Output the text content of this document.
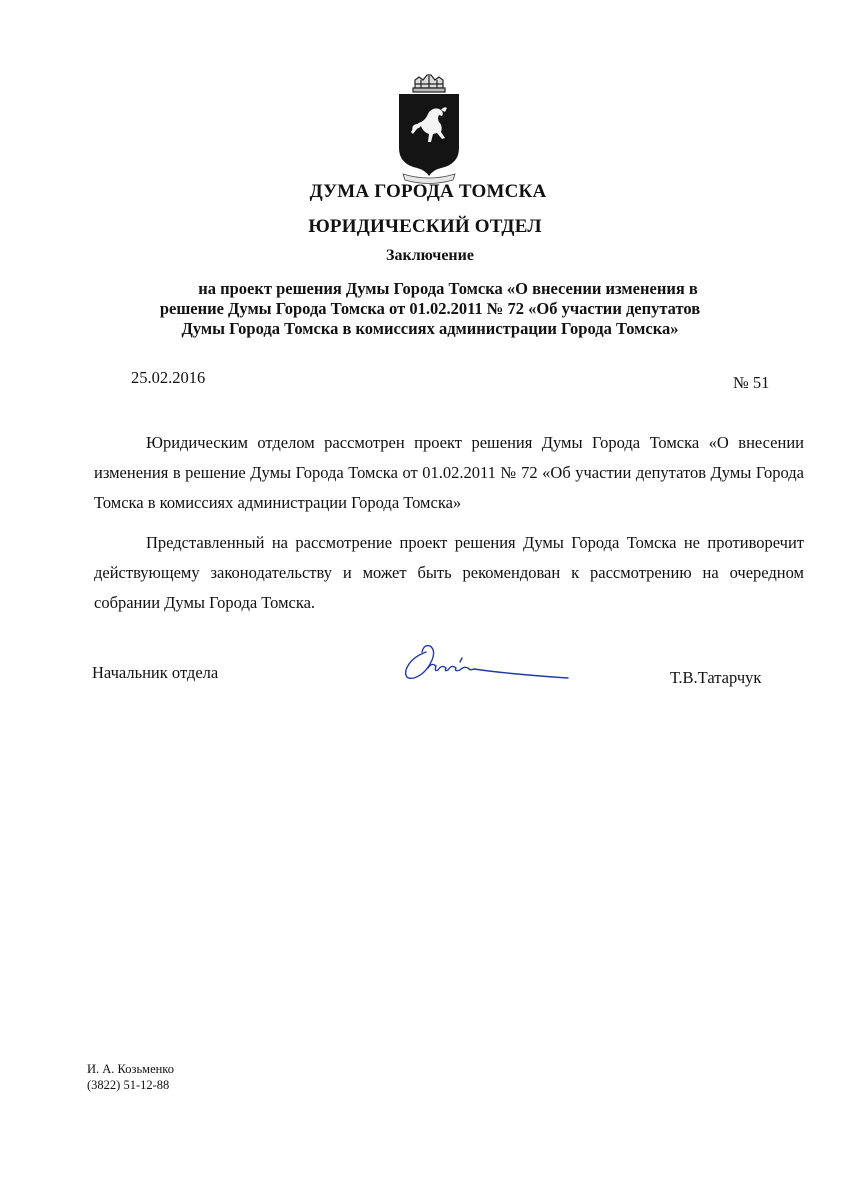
ДУМА ГОРОДА ТОМСКА
ЮРИДИЧЕСКИЙ ОТДЕЛ
Заключение
на проект решения Думы Города Томска «О внесении изменения в
решение Думы Города Томска от 01.02.2011 № 72 «Об участии депутатов
Думы Города Томска в комиссиях администрации Города Томска»
25.02.2016	№ 51

Юридическим отделом рассмотрен проект решения Думы Города Томска «О внесении изменения в решение Думы Города Томска от 01.02.2011 № 72 «Об участии депутатов Думы Города Томска в комиссиях администрации Города Томска»

Представленный на рассмотрение проект решения Думы Города Томска не противоречит действующему законодательству и может быть рекомендован к рассмотрению на очередном собрании Думы Города Томска.

Начальник отдела	Т.В.Татарчук
И. А. Козьменко
(3822) 51-12-88
